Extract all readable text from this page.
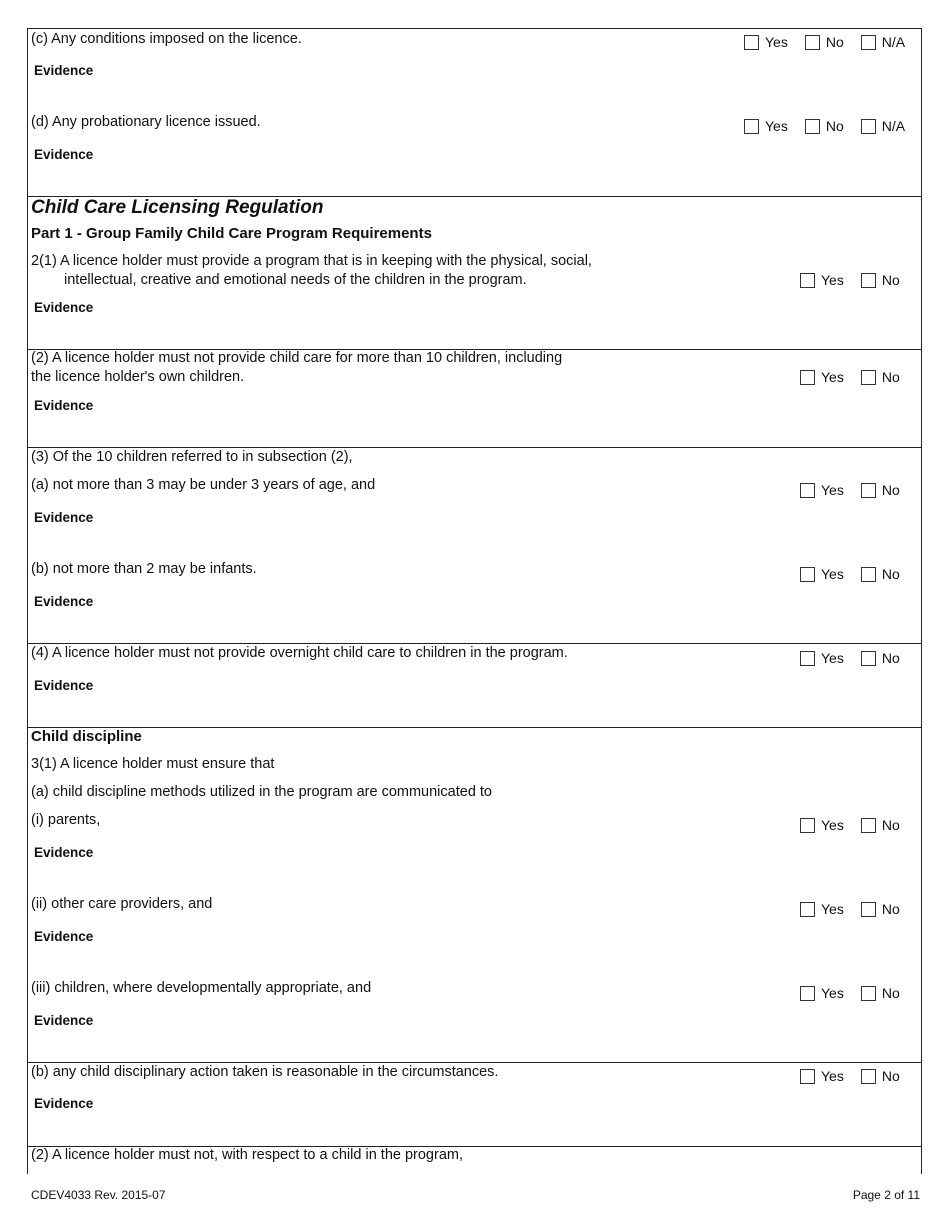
(c) Any conditions imposed on the licence.	Yes	No	N/A
Evidence
(d) Any probationary licence issued.	Yes	No	N/A
Evidence
Child Care Licensing Regulation
Part 1 - Group Family Child Care Program Requirements
2(1) A licence holder must provide a program that is in keeping with the physical, social,
intellectual, creative and emotional needs of the children in the program.	Yes	No
Evidence
(2) A licence holder must not provide child care for more than 10 children, including
the licence holder's own children.	Yes	No
Evidence
(3) Of the 10 children referred to in subsection (2),
(a) not more than 3 may be under 3 years of age, and	Yes	No
Evidence
(b) not more than 2 may be infants.	Yes	No
Evidence
(4) A licence holder must not provide overnight child care to children in the program.	Yes	No
Evidence
Child discipline
3(1) A licence holder must ensure that
(a) child discipline methods utilized in the program are communicated to
(i) parents,	Yes	No
Evidence
(ii) other care providers, and	Yes	No
Evidence
(iii) children, where developmentally appropriate, and	Yes	No
Evidence
(b) any child disciplinary action taken is reasonable in the circumstances.	Yes	No
Evidence
(2) A licence holder must not, with respect to a child in the program,
CDEV4033 Rev. 2015-07	Page 2 of 11
